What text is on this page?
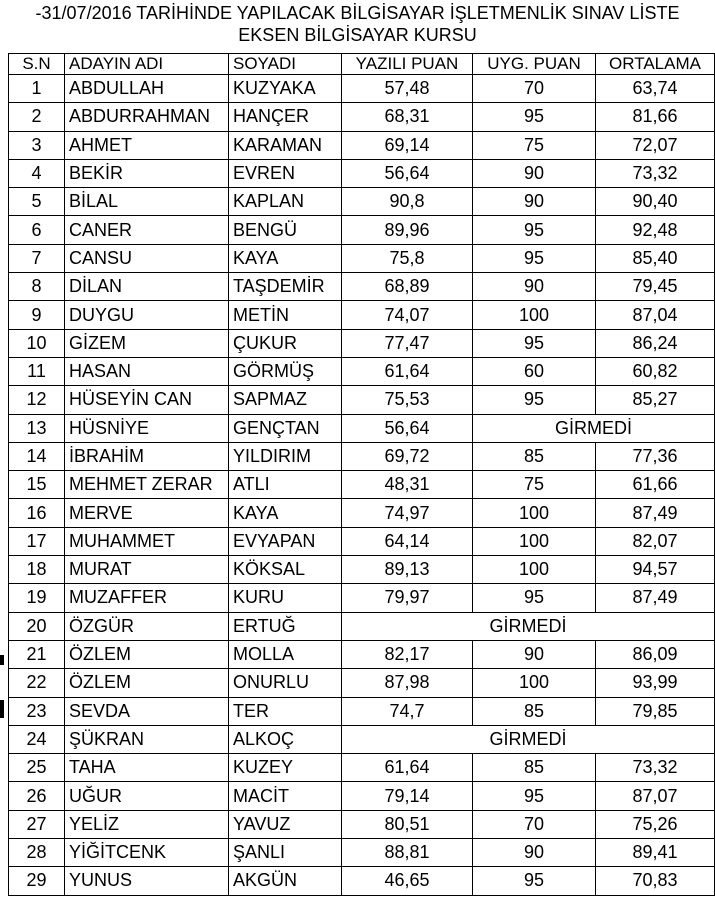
-31/07/2016 TARİHİNDE YAPILACAK BİLGİSAYAR İŞLETMENLİK SINAV LİSTE
EKSEN BİLGİSAYAR KURSU
S.N	ADAYIN ADI	SOYADI	YAZILI PUAN	UYG. PUAN	ORTALAMA
1	ABDULLAH	KUZYAKA	57,48	70	63,74
2	ABDURRAHMAN	HANÇER	68,31	95	81,66
3	AHMET	KARAMAN	69,14	75	72,07
4	BEKİR	EVREN	56,64	90	73,32
5	BİLAL	KAPLAN	90,8	90	90,40
6	CANER	BENGÜ	89,96	95	92,48
7	CANSU	KAYA	75,8	95	85,40
8	DİLAN	TAŞDEMİR	68,89	90	79,45
9	DUYGU	METİN	74,07	100	87,04
10	GİZEM	ÇUKUR	77,47	95	86,24
11	HASAN	GÖRMÜŞ	61,64	60	60,82
12	HÜSEYİN CAN	SAPMAZ	75,53	95	85,27
13	HÜSNİYE	GENÇTAN	56,64	GİRMEDİ	
14	İBRAHİM	YILDIRIM	69,72	85	77,36
15	MEHMET ZERAR	ATLI	48,31	75	61,66
16	MERVE	KAYA	74,97	100	87,49
17	MUHAMMET	EVYAPAN	64,14	100	82,07
18	MURAT	KÖKSAL	89,13	100	94,57
19	MUZAFFER	KURU	79,97	95	87,49
20	ÖZGÜR	ERTUĞ	GİRMEDİ		
21	ÖZLEM	MOLLA	82,17	90	86,09
22	ÖZLEM	ONURLU	87,98	100	93,99
23	SEVDA	TER	74,7	85	79,85
24	ŞÜKRAN	ALKOÇ	GİRMEDİ		
25	TAHA	KUZEY	61,64	85	73,32
26	UĞUR	MACİT	79,14	95	87,07
27	YELİZ	YAVUZ	80,51	70	75,26
28	YİĞİTCENK	ŞANLI	88,81	90	89,41
29	YUNUS	AKGÜN	46,65	95	70,83
